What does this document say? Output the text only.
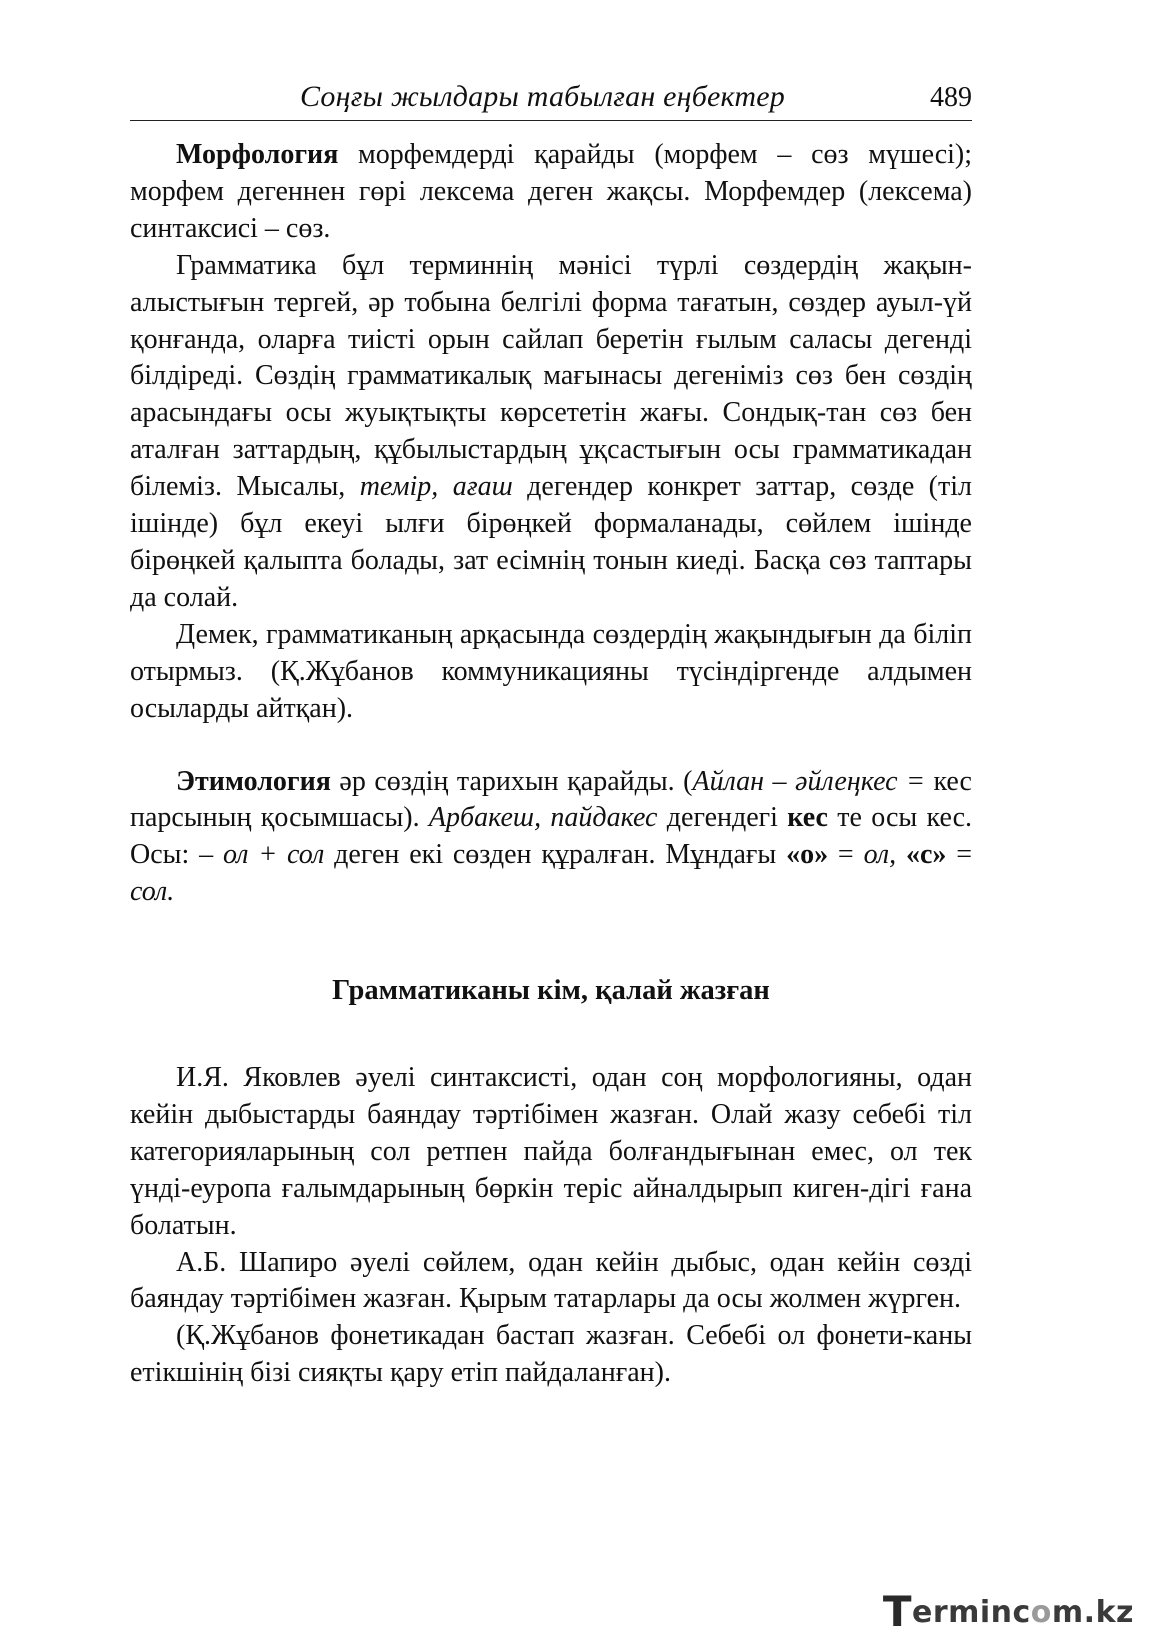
Соңғы жылдары табылған еңбектер	489

Морфология морфемдерді қарайды (морфем – сөз мүшесі); морфем дегеннен гөрі лексема деген жақсы. Морфемдер (лексема) синтаксисі – сөз.

Грамматика бұл терминнің мәнісі түрлі сөздердің жақын-алыстығын тергей, әр тобына белгілі форма тағатын, сөздер ауыл-үй қонғанда, оларға тиісті орын сайлап беретін ғылым саласы дегенді білдіреді. Сөздің грамматикалық мағынасы дегеніміз сөз бен сөздің арасындағы осы жуықтықты көрсететін жағы. Сондық-тан сөз бен аталған заттардың, құбылыстардың ұқсастығын осы грамматикадан білеміз. Мысалы, темір, ағаш дегендер конкрет заттар, сөзде (тіл ішінде) бұл екеуі ылғи бірөңкей формаланады, сөйлем ішінде бірөңкей қалыпта болады, зат есімнің тонын киеді. Басқа сөз таптары да солай.

Демек, грамматиканың арқасында сөздердің жақындығын да біліп отырмыз. (Қ.Жұбанов коммуникацияны түсіндіргенде алдымен осыларды айтқан).

Этимология әр сөздің тарихын қарайды. (Айлан – әйлеңкес = кес парсының қосымшасы). Арбакеш, пайдакес дегендегі кес те осы кес. Осы: – ол + сол деген екі сөзден құралған. Мұндағы «о» = ол, «с» = сол.

Грамматиканы кім, қалай жазған

И.Я. Яковлев әуелі синтаксисті, одан соң морфологияны, одан кейін дыбыстарды баяндау тәртібімен жазған. Олай жазу себебі тіл категорияларының сол ретпен пайда болғандығынан емес, ол тек үнді-еуропа ғалымдарының бөркін теріс айналдырып киген-дігі ғана болатын.

А.Б. Шапиро әуелі сөйлем, одан кейін дыбыс, одан кейін сөзді баяндау тәртібімен жазған. Қырым татарлары да осы жолмен жүрген.

(Қ.Жұбанов фонетикадан бастап жазған. Себебі ол фонети-каны етікшінің бізі сияқты қару етіп пайдаланған).

Termincom.kz
